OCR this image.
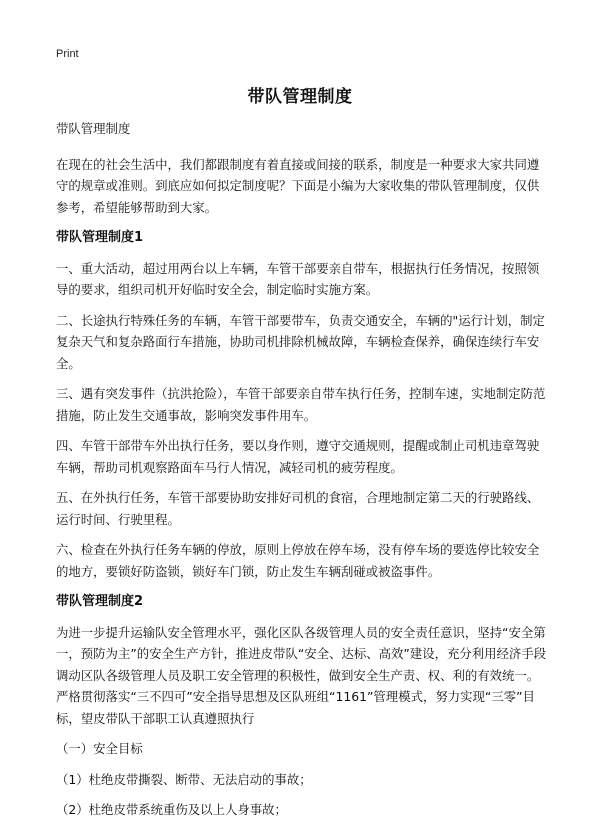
Print
带队管理制度

带队管理制度

在现在的社会生活中，我们都跟制度有着直接或间接的联系，制度是一种要求大家共同遵守的规章或准则。到底应如何拟定制度呢？下面是小编为大家收集的带队管理制度，仅供参考，希望能够帮助到大家。

带队管理制度1

一、重大活动，超过用两台以上车辆，车管干部要亲自带车，根据执行任务情况，按照领导的要求，组织司机开好临时安全会，制定临时实施方案。

二、长途执行特殊任务的车辆，车管干部要带车，负责交通安全，车辆的"运行计划，制定复杂天气和复杂路面行车措施，协助司机排除机械故障，车辆检查保养，确保连续行车安全。

三、遇有突发事件（抗洪抢险），车管干部要亲自带车执行任务，控制车速，实地制定防范措施，防止发生交通事故，影响突发事件用车。

四、车管干部带车外出执行任务，要以身作则，遵守交通规则，提醒或制止司机违章驾驶车辆，帮助司机观察路面车马行人情况，减轻司机的疲劳程度。

五、在外执行任务，车管干部要协助安排好司机的食宿，合理地制定第二天的行驶路线、运行时间、行驶里程。

六、检查在外执行任务车辆的停放，原则上停放在停车场，没有停车场的要选停比较安全的地方，要锁好防盗锁，锁好车门锁，防止发生车辆刮碰或被盗事件。

带队管理制度2

为进一步提升运输队安全管理水平，强化区队各级管理人员的安全责任意识，坚持“安全第一，预防为主”的安全生产方针，推进皮带队“安全、达标、高效”建设，充分利用经济手段调动区队各级管理人员及职工安全管理的积极性，做到安全生产责、权、利的有效统一。严格贯彻落实“三不四可”安全指导思想及区队班组“1161”管理模式，努力实现“三零”目标，望皮带队干部职工认真遵照执行

（一）安全目标

（1）杜绝皮带撕裂、断带、无法启动的事故；

（2）杜绝皮带系统重伤及以上人身事故；
